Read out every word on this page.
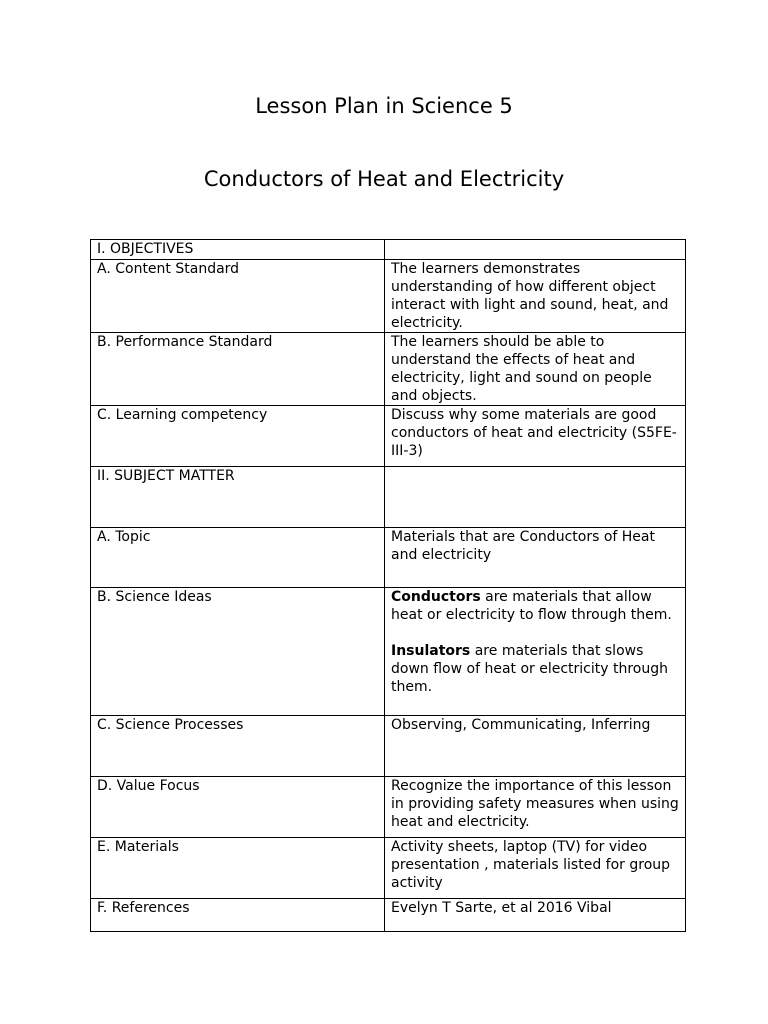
Lesson Plan in Science 5
Conductors of Heat and Electricity
I. OBJECTIVES	
A. Content Standard	The learners demonstrates understanding of how different object interact with light and sound, heat, and electricity.
B. Performance Standard	The learners should be able to understand the effects of heat and electricity, light and sound on people and objects.
C. Learning competency	Discuss why some materials are good conductors of heat and electricity (S5FE-III-3)
II. SUBJECT MATTER	
A. Topic	Materials that are Conductors of Heat and electricity
B. Science Ideas	Conductors are materials that allow heat or electricity to flow through them.
Insulators are materials that slows down flow of heat or electricity through them.

C. Science Processes	Observing, Communicating, Inferring
D. Value Focus	Recognize the importance of this lesson in providing safety measures when using heat and electricity.
E. Materials	Activity sheets, laptop (TV) for video presentation , materials listed for group activity
F. References	Evelyn T Sarte, et al 2016 Vibal
